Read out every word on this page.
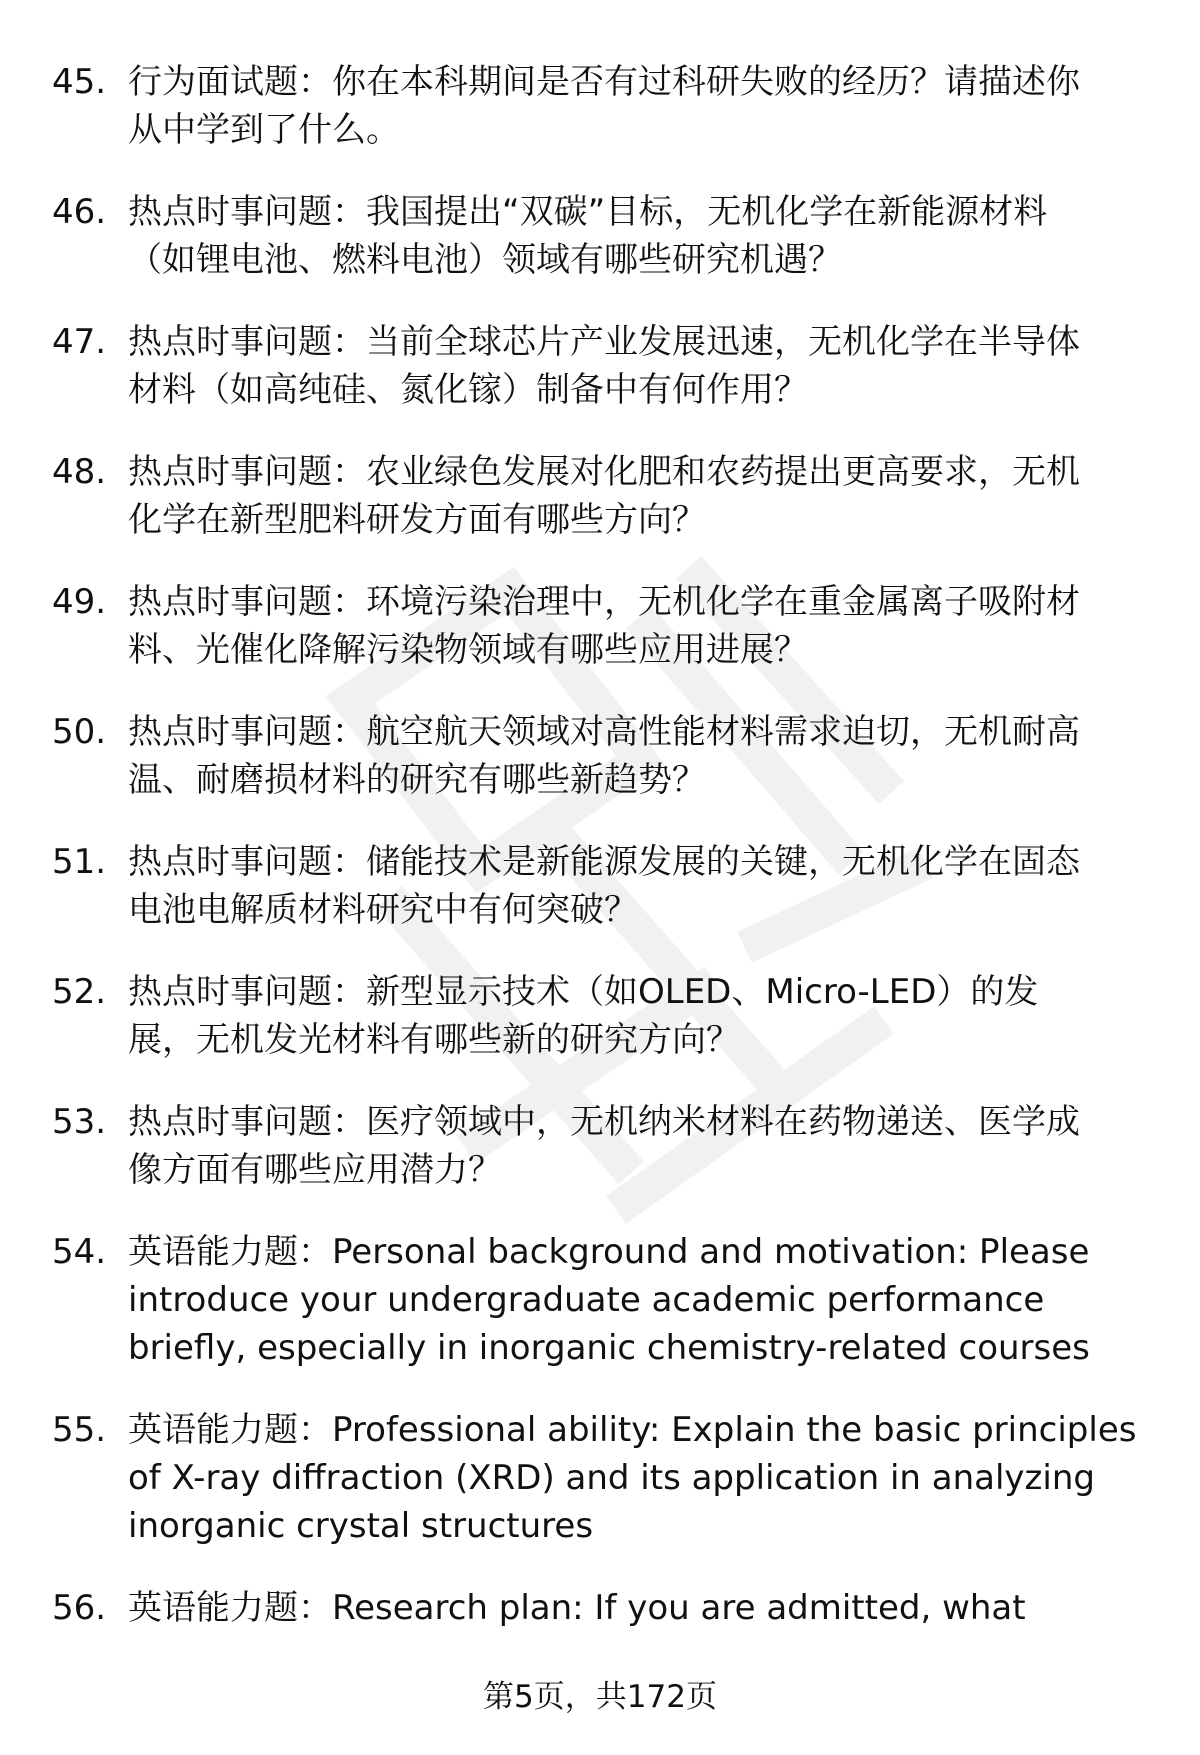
45. 行为面试题：你在本科期间是否有过科研失败的经历？请描述你
从中学到了什么。
46. 热点时事问题：我国提出“双碳”目标，无机化学在新能源材料
（如锂电池、燃料电池）领域有哪些研究机遇？
47. 热点时事问题：当前全球芯片产业发展迅速，无机化学在半导体
材料（如高纯硅、氮化镓）制备中有何作用？
48. 热点时事问题：农业绿色发展对化肥和农药提出更高要求，无机
化学在新型肥料研发方面有哪些方向？
49. 热点时事问题：环境污染治理中，无机化学在重金属离子吸附材
料、光催化降解污染物领域有哪些应用进展？
50. 热点时事问题：航空航天领域对高性能材料需求迫切，无机耐高
温、耐磨损材料的研究有哪些新趋势？
51. 热点时事问题：储能技术是新能源发展的关键，无机化学在固态
电池电解质材料研究中有何突破？
52. 热点时事问题：新型显示技术（如OLED、Micro-LED）的发
展，无机发光材料有哪些新的研究方向？
53. 热点时事问题：医疗领域中，无机纳米材料在药物递送、医学成
像方面有哪些应用潜力？
54. 英语能力题：Personal background and motivation: Please
introduce your undergraduate academic performance
briefly, especially in inorganic chemistry-related courses
55. 英语能力题：Professional ability: Explain the basic principles
of X-ray diffraction (XRD) and its application in analyzing
inorganic crystal structures
56. 英语能力题：Research plan: If you are admitted, what
第5页，共172页
